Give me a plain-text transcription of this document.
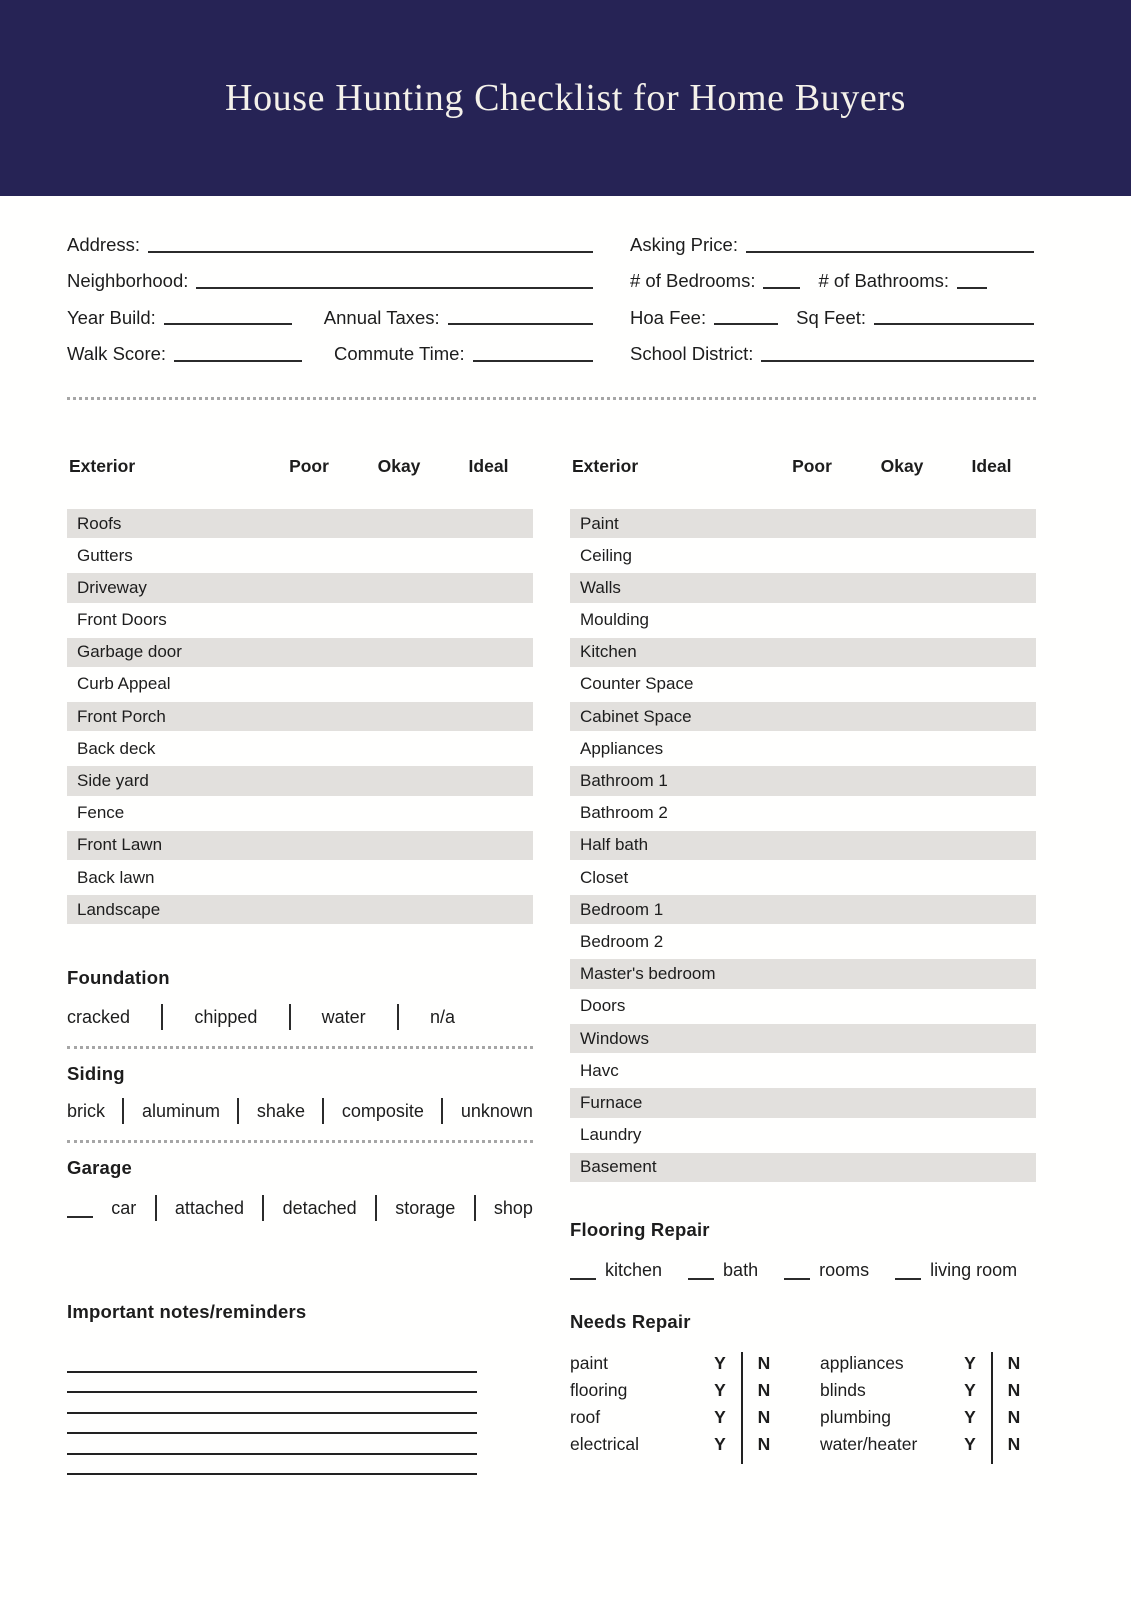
House Hunting Checklist for Home Buyers
Address:	Asking Price:
Neighborhood:	# of Bedrooms:	# of Bathrooms:
Year Build:	Annual Taxes:	Hoa Fee:	Sq Feet:
Walk Score:	Commute Time:	School District:
Exterior	Poor	Okay	Ideal
Roofs
Gutters
Driveway
Front Doors
Garbage door
Curb Appeal
Front Porch
Back deck
Side yard
Fence
Front Lawn
Back lawn
Landscape
Foundation
cracked	chipped	water	n/a
Siding
brick aluminum shake composite unknown
Garage
car attached detached storage shop
Important notes/reminders
Exterior	Poor	Okay	Ideal
Paint
Ceiling
Walls
Moulding
Kitchen
Counter Space
Cabinet Space
Appliances
Bathroom 1
Bathroom 2
Half bath
Closet
Bedroom 1
Bedroom 2
Master's bedroom
Doors
Windows
Havc
Furnace
Laundry
Basement
Flooring Repair
kitchen	bath	rooms	living room
Needs Repair
paint	Y	N
flooring	Y	N
roof	Y	N
electrical	Y	N
appliances	Y	N
blinds	Y	N
plumbing	Y	N
water/heater	Y	N
